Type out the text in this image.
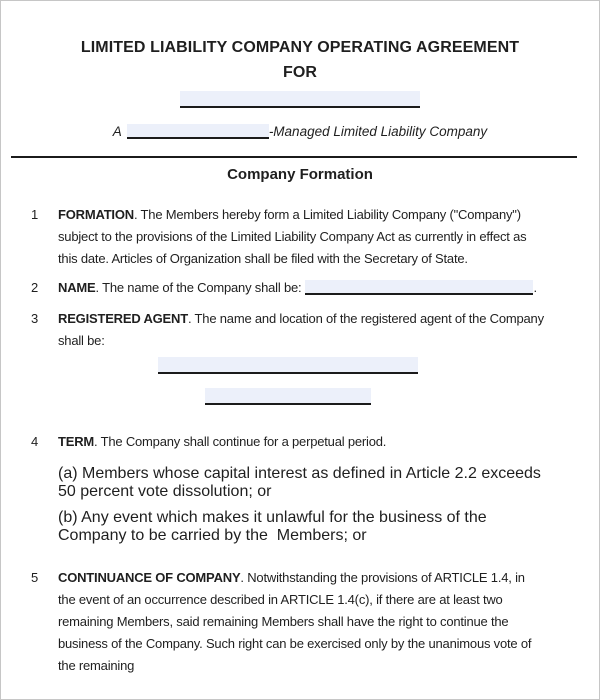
LIMITED LIABILITY COMPANY OPERATING AGREEMENT
FOR
A	-Managed Limited Liability Company
Company Formation
1	FORMATION. The Members hereby form a Limited Liability Company ("Company") subject to the provisions of the Limited Liability Company Act as currently in effect as this date. Articles of Organization shall be filed with the Secretary of State.
2	NAME. The name of the Company shall be:	.
3	REGISTERED AGENT. The name and location of the registered agent of the Company shall be:
4	TERM. The Company shall continue for a perpetual period.
(a) Members whose capital interest as defined in Article 2.2 exceeds 50 percent vote dissolution; or
(b) Any event which makes it unlawful for the business of the Company to be carried by the  Members; or
5	CONTINUANCE OF COMPANY. Notwithstanding the provisions of ARTICLE 1.4, in the event of an occurrence described in ARTICLE 1.4(c), if there are at least two remaining Members, said remaining Members shall have the right to continue the business of the Company. Such right can be exercised only by the unanimous vote of the remaining
